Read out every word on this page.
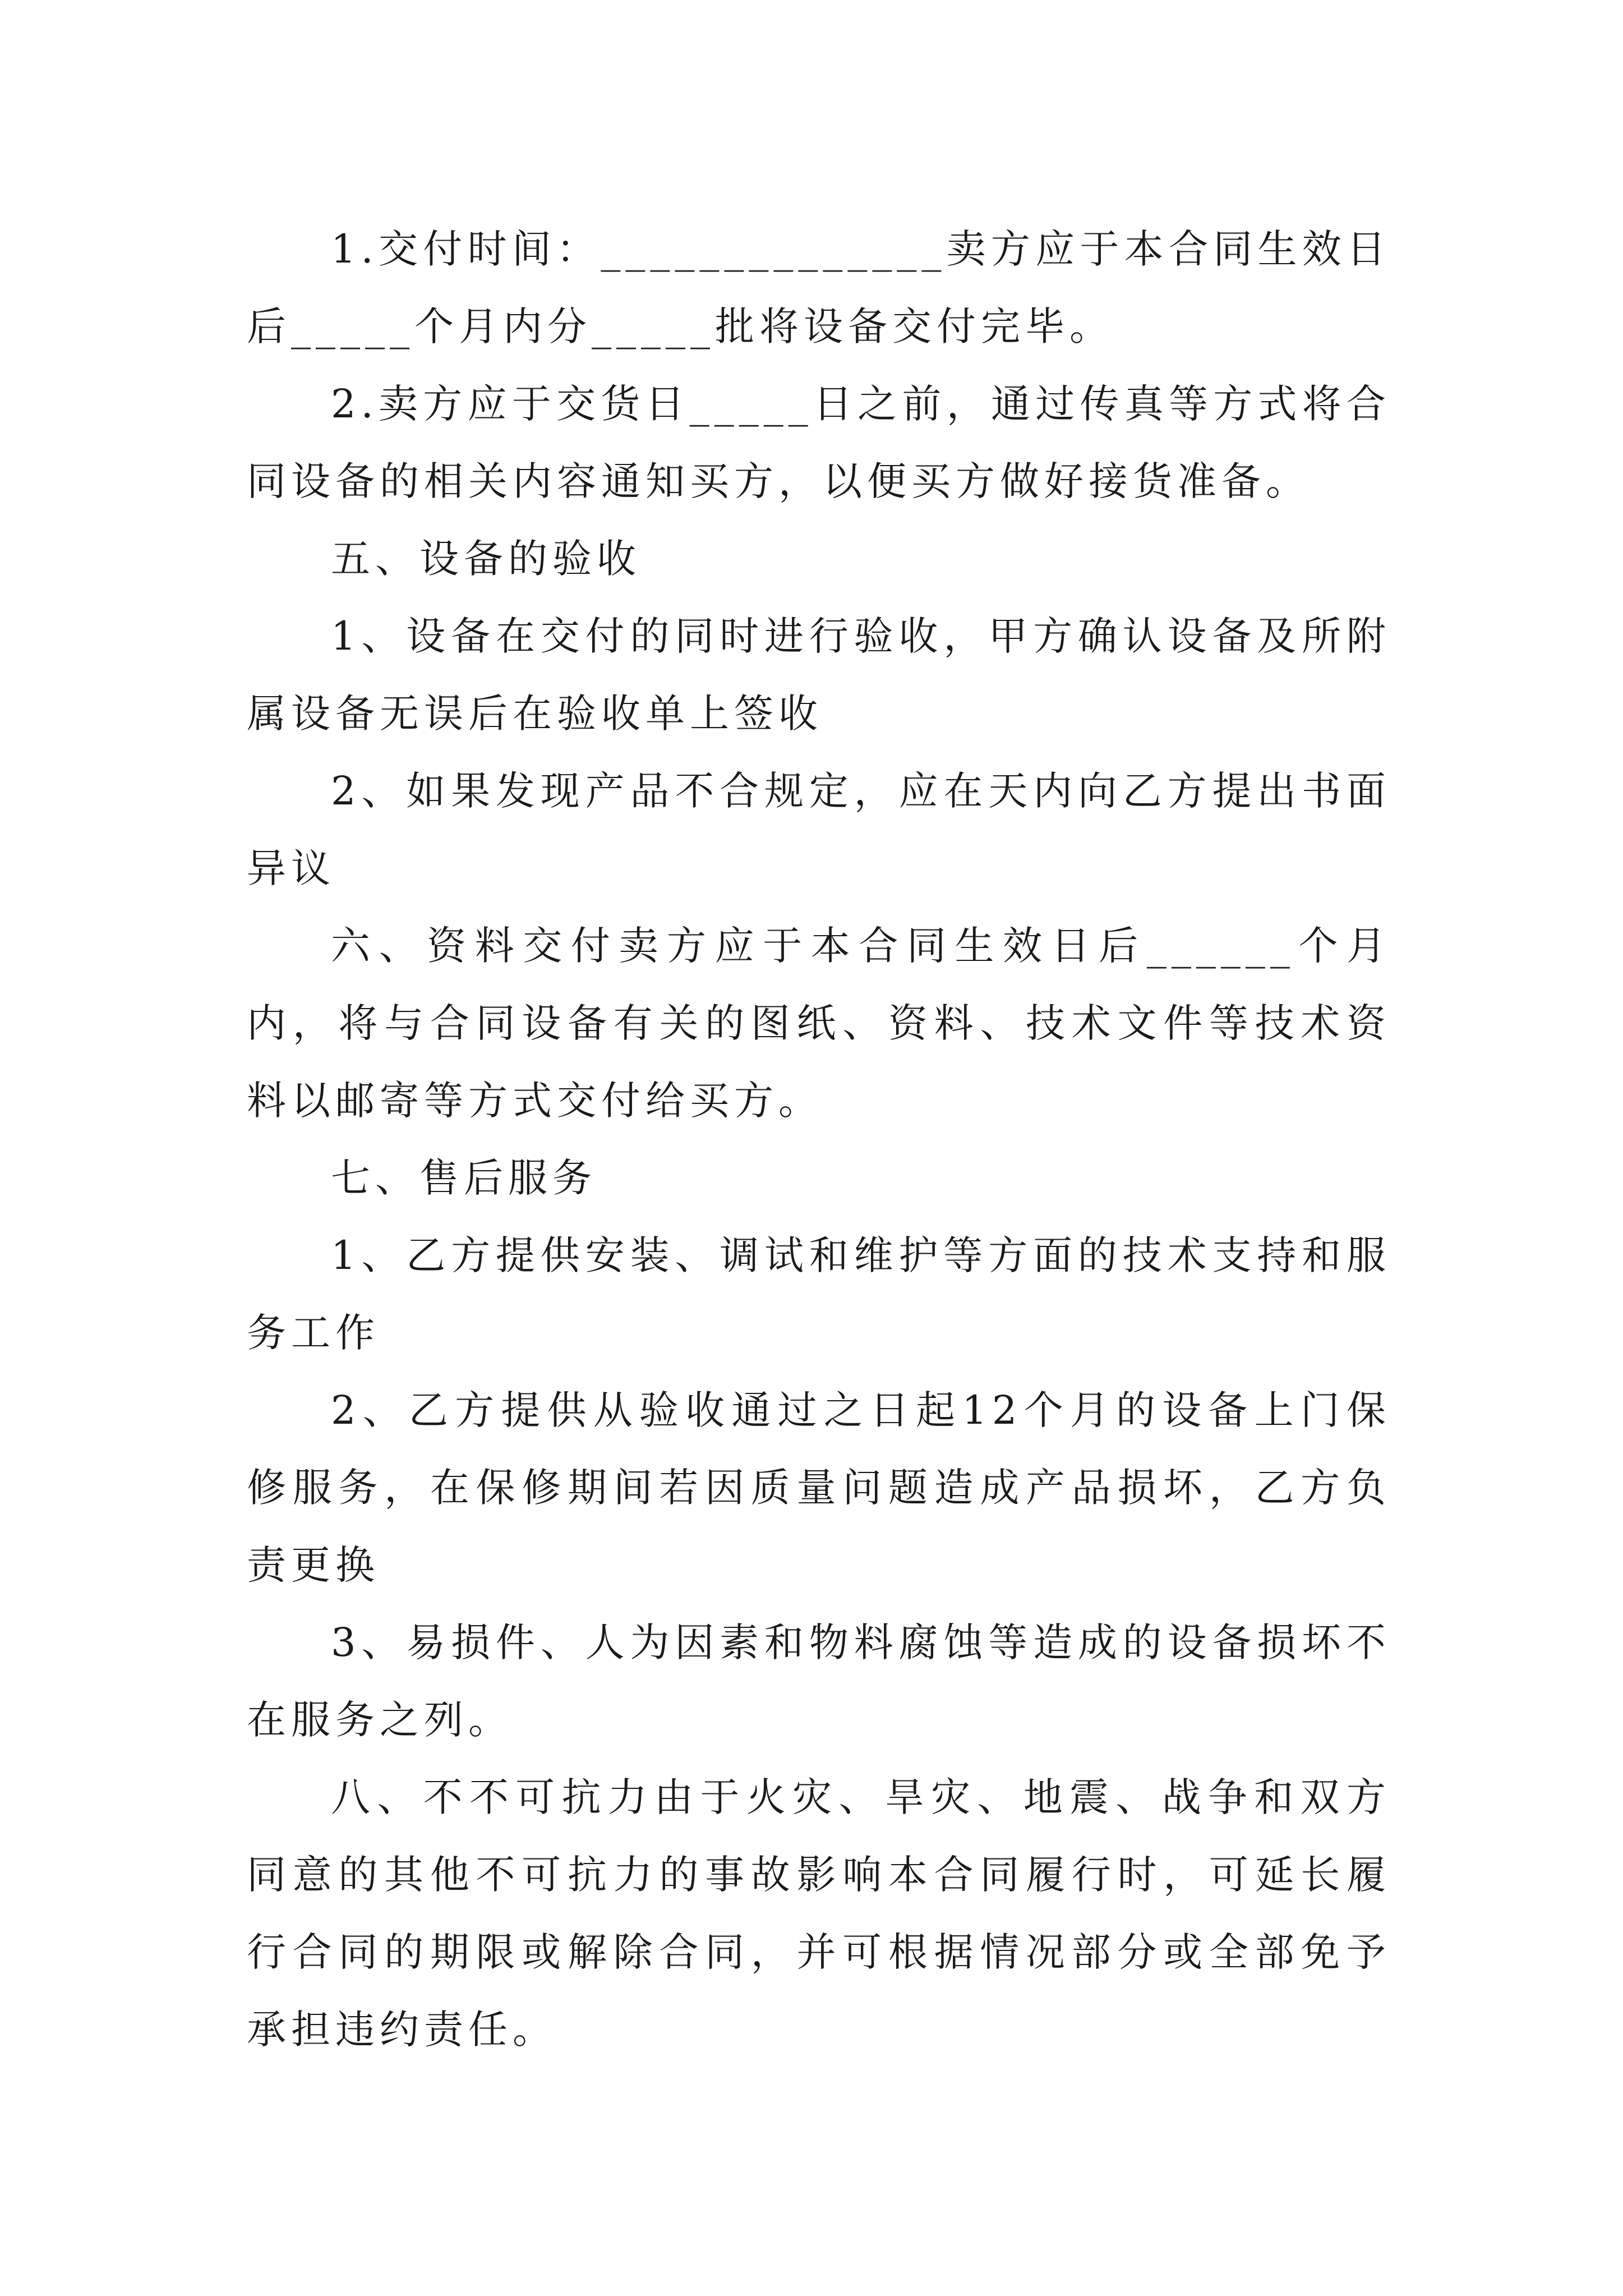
1.交付时间：______________卖方应于本合同生效日后_____个月内分_____批将设备交付完毕。

2.卖方应于交货日_____日之前，通过传真等方式将合同设备的相关内容通知买方，以便买方做好接货准备。

五、设备的验收

1、设备在交付的同时进行验收，甲方确认设备及所附属设备无误后在验收单上签收

2、如果发现产品不合规定，应在天内向乙方提出书面异议

六、资料交付卖方应于本合同生效日后______个月内，将与合同设备有关的图纸、资料、技术文件等技术资料以邮寄等方式交付给买方。

七、售后服务

1、乙方提供安装、调试和维护等方面的技术支持和服务工作

2、乙方提供从验收通过之日起12个月的设备上门保修服务，在保修期间若因质量问题造成产品损坏，乙方负责更换

3、易损件、人为因素和物料腐蚀等造成的设备损坏不在服务之列。

八、不不可抗力由于火灾、旱灾、地震、战争和双方同意的其他不可抗力的事故影响本合同履行时，可延长履行合同的期限或解除合同，并可根据情况部分或全部免予承担违约责任。
